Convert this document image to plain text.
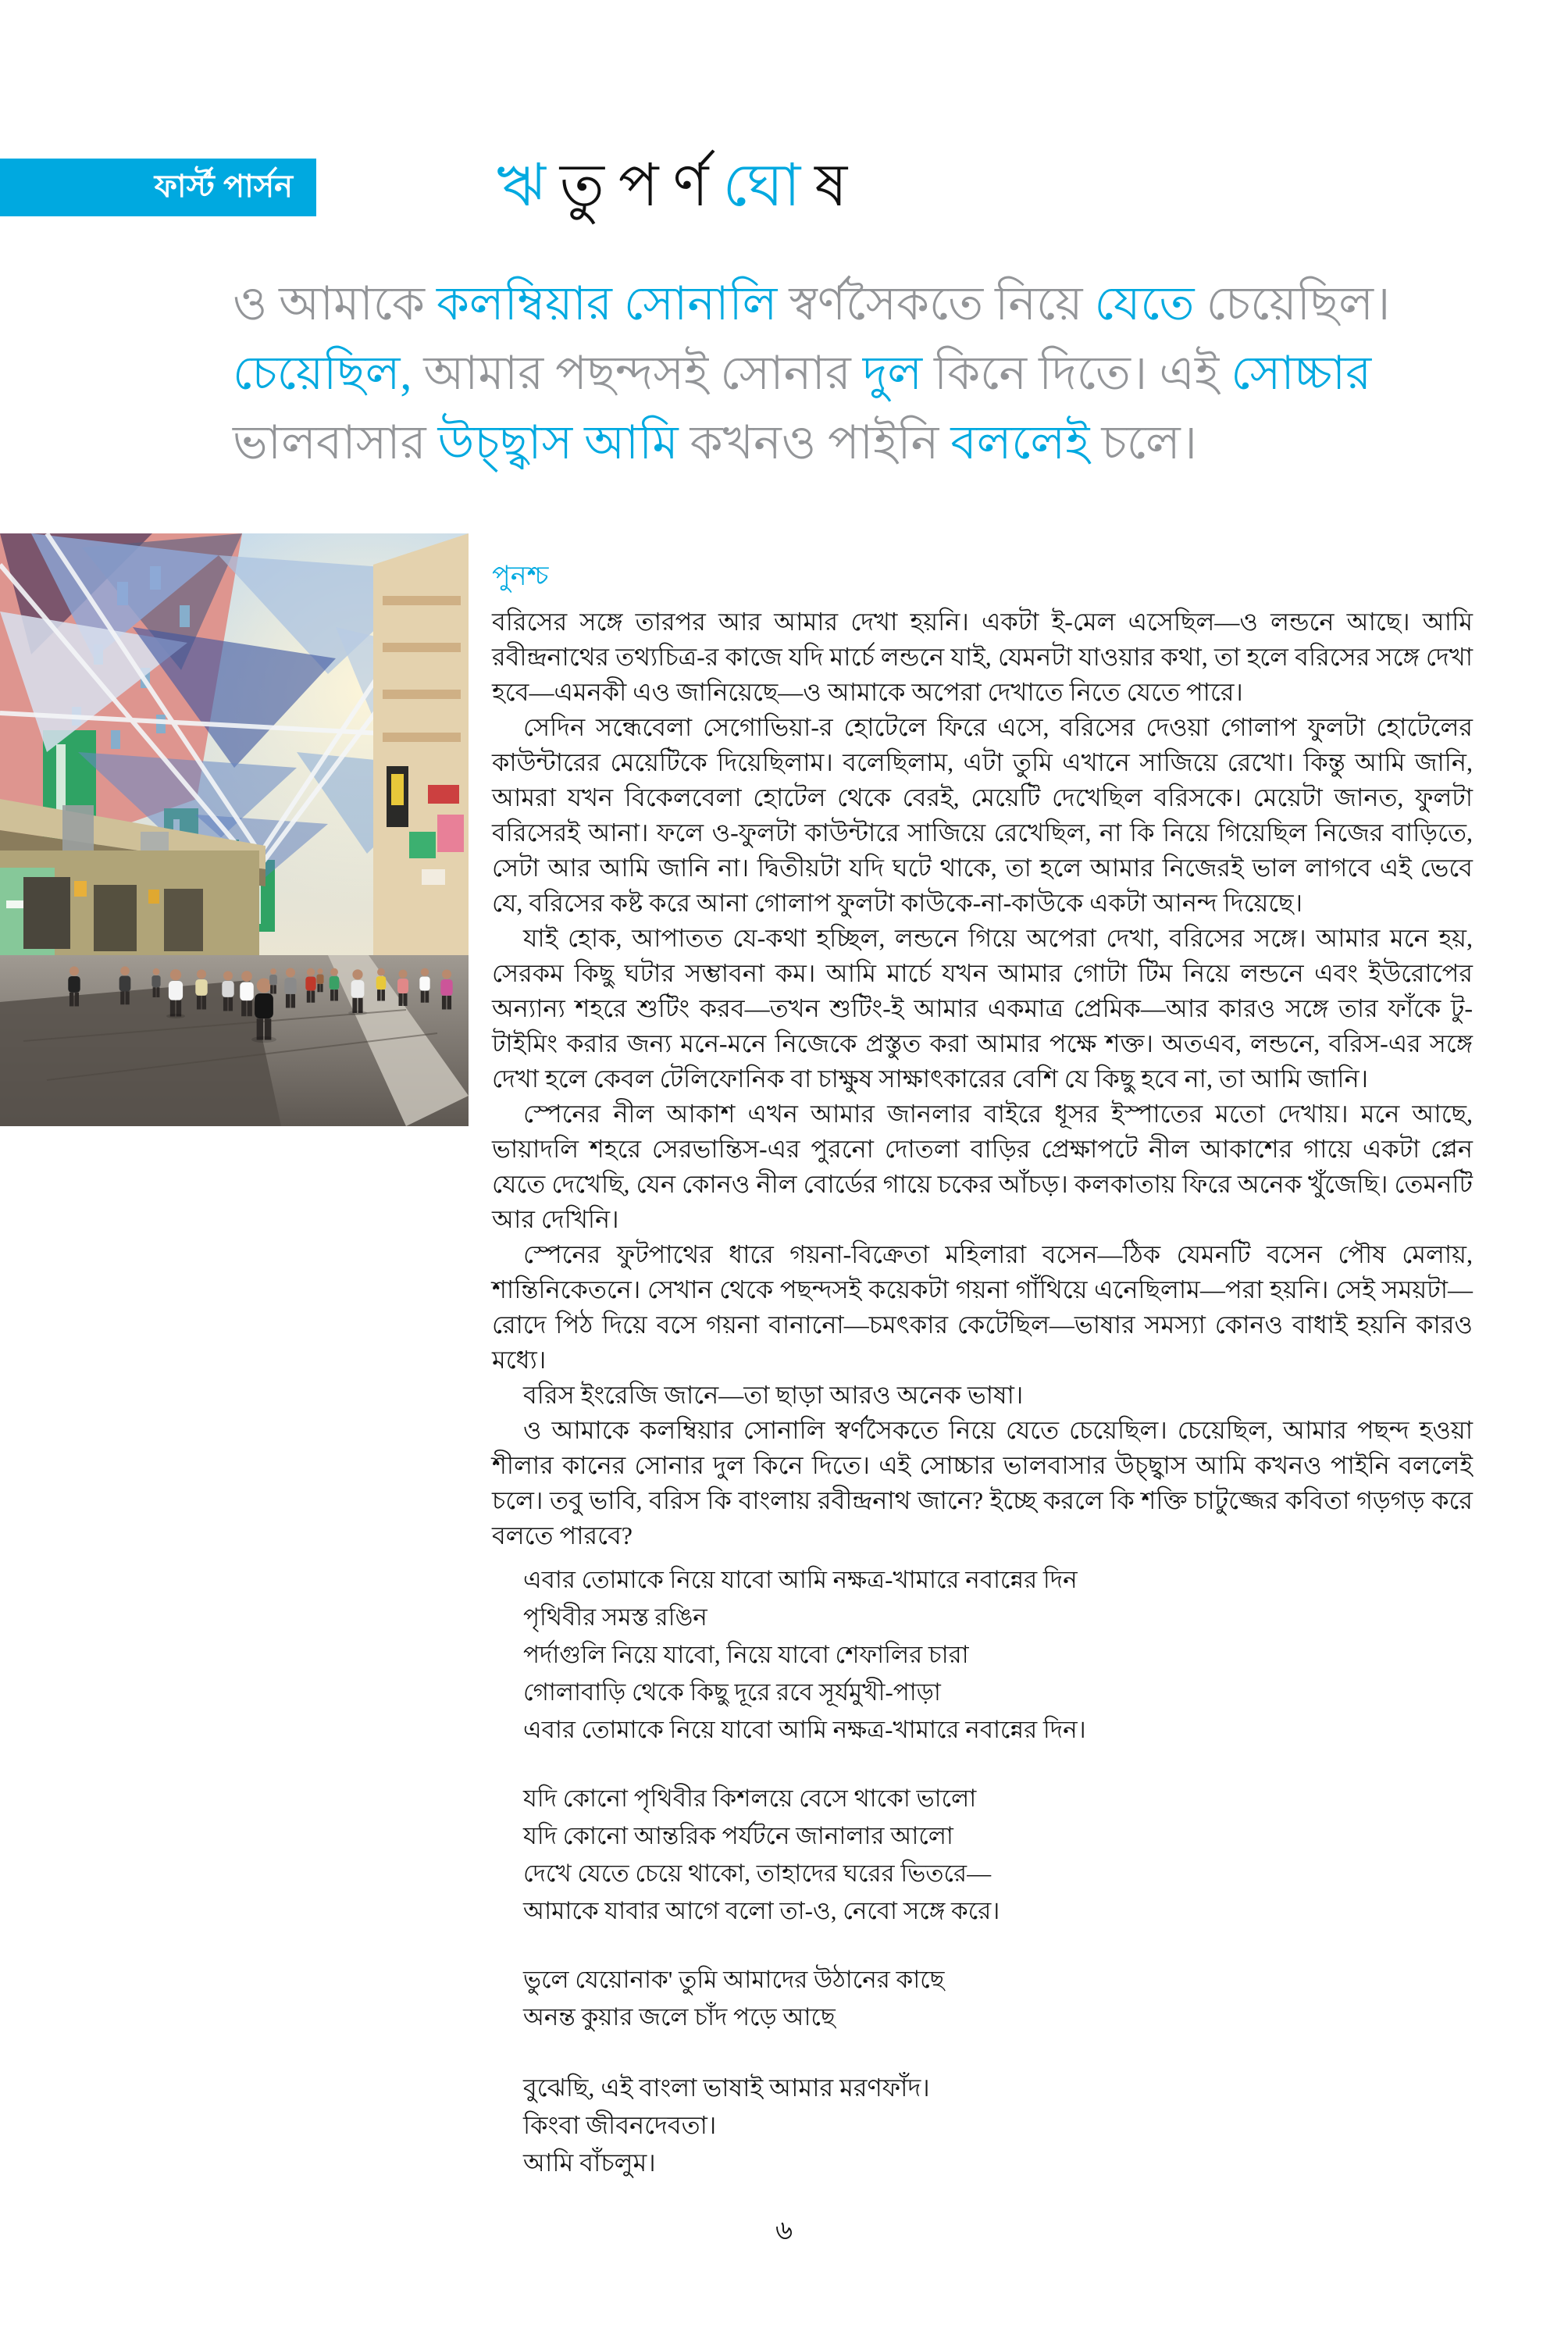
ফার্স্ট পার্সন	ঋ তু প র্ণ ঘো ষ
ও আমাকে কলম্বিয়ার সোনালি স্বর্ণসৈকতে নিয়ে যেতে চেয়েছিল।
চেয়েছিল, আমার পছন্দসই সোনার দুল কিনে দিতে। এই সোচ্চার
ভালবাসার উচ্ছ্বাস আমি কখনও পাইনি বললেই চলে।
পুনশ্চ

বরিসের সঙ্গে তারপর আর আমার দেখা হয়নি। একটা ই-মেল এসেছিল—ও লন্ডনে আছে। আমি রবীন্দ্রনাথের তথ্যচিত্র-র কাজে যদি মার্চে লন্ডনে যাই, যেমনটা যাওয়ার কথা, তা হলে বরিসের সঙ্গে দেখা হবে—এমনকী এও জানিয়েছে—ও আমাকে অপেরা দেখাতে নিতে যেতে পারে।

সেদিন সন্ধেবেলা সেগোভিয়া-র হোটেলে ফিরে এসে, বরিসের দেওয়া গোলাপ ফুলটা হোটেলের কাউন্টারের মেয়েটিকে দিয়েছিলাম। বলেছিলাম, এটা তুমি এখানে সাজিয়ে রেখো। কিন্তু আমি জানি, আমরা যখন বিকেলবেলা হোটেল থেকে বেরই, মেয়েটি দেখেছিল বরিসকে। মেয়েটা জানত, ফুলটা বরিসেরই আনা। ফলে ও-ফুলটা কাউন্টারে সাজিয়ে রেখেছিল, না কি নিয়ে গিয়েছিল নিজের বাড়িতে, সেটা আর আমি জানি না। দ্বিতীয়টা যদি ঘটে থাকে, তা হলে আমার নিজেরই ভাল লাগবে এই ভেবে যে, বরিসের কষ্ট করে আনা গোলাপ ফুলটা কাউকে-না-কাউকে একটা আনন্দ দিয়েছে।

যাই হোক, আপাতত যে-কথা হচ্ছিল, লন্ডনে গিয়ে অপেরা দেখা, বরিসের সঙ্গে। আমার মনে হয়, সেরকম কিছু ঘটার সম্ভাবনা কম। আমি মার্চে যখন আমার গোটা টিম নিয়ে লন্ডনে এবং ইউরোপের অন্যান্য শহরে শুটিং করব—তখন শুটিং-ই আমার একমাত্র প্রেমিক—আর কারও সঙ্গে তার ফাঁকে টু-টাইমিং করার জন্য মনে-মনে নিজেকে প্রস্তুত করা আমার পক্ষে শক্ত। অতএব, লন্ডনে, বরিস-এর সঙ্গে দেখা হলে কেবল টেলিফোনিক বা চাক্ষুষ সাক্ষাৎকারের বেশি যে কিছু হবে না, তা আমি জানি।

স্পেনের নীল আকাশ এখন আমার জানলার বাইরে ধূসর ইস্পাতের মতো দেখায়। মনে আছে, ভায়াদলি শহরে সেরভান্তিস-এর পুরনো দোতলা বাড়ির প্রেক্ষাপটে নীল আকাশের গায়ে একটা প্লেন যেতে দেখেছি, যেন কোনও নীল বোর্ডের গায়ে চকের আঁচড়। কলকাতায় ফিরে অনেক খুঁজেছি। তেমনটি আর দেখিনি।

স্পেনের ফুটপাথের ধারে গয়না-বিক্রেতা মহিলারা বসেন—ঠিক যেমনটি বসেন পৌষ মেলায়, শান্তিনিকেতনে। সেখান থেকে পছন্দসই কয়েকটা গয়না গাঁথিয়ে এনেছিলাম—পরা হয়নি। সেই সময়টা—রোদে পিঠ দিয়ে বসে গয়না বানানো—চমৎকার কেটেছিল—ভাষার সমস্যা কোনও বাধাই হয়নি কারও মধ্যে।

বরিস ইংরেজি জানে—তা ছাড়া আরও অনেক ভাষা।

ও আমাকে কলম্বিয়ার সোনালি স্বর্ণসৈকতে নিয়ে যেতে চেয়েছিল। চেয়েছিল, আমার পছন্দ হওয়া শীলার কানের সোনার দুল কিনে দিতে। এই সোচ্চার ভালবাসার উচ্ছ্বাস আমি কখনও পাইনি বললেই চলে। তবু ভাবি, বরিস কি বাংলায় রবীন্দ্রনাথ জানে? ইচ্ছে করলে কি শক্তি চাটুজ্জের কবিতা গড়গড় করে বলতে পারবে?

এবার তোমাকে নিয়ে যাবো আমি নক্ষত্র-খামারে নবান্নের দিন
পৃথিবীর সমস্ত রঙিন
পর্দাগুলি নিয়ে যাবো, নিয়ে যাবো শেফালির চারা
গোলাবাড়ি থেকে কিছু দূরে রবে সূর্যমুখী-পাড়া
এবার তোমাকে নিয়ে যাবো আমি নক্ষত্র-খামারে নবান্নের দিন।
যদি কোনো পৃথিবীর কিশলয়ে বেসে থাকো ভালো
যদি কোনো আন্তরিক পর্যটনে জানালার আলো
দেখে যেতে চেয়ে থাকো, তাহাদের ঘরের ভিতরে—
আমাকে যাবার আগে বলো তা-ও, নেবো সঙ্গে করে।
ভুলে যেয়োনাক' তুমি আমাদের উঠানের কাছে
অনন্ত কুয়ার জলে চাঁদ পড়ে আছে
বুঝেছি, এই বাংলা ভাষাই আমার মরণফাঁদ।
কিংবা জীবনদেবতা।
আমি বাঁচলুম।
৬
